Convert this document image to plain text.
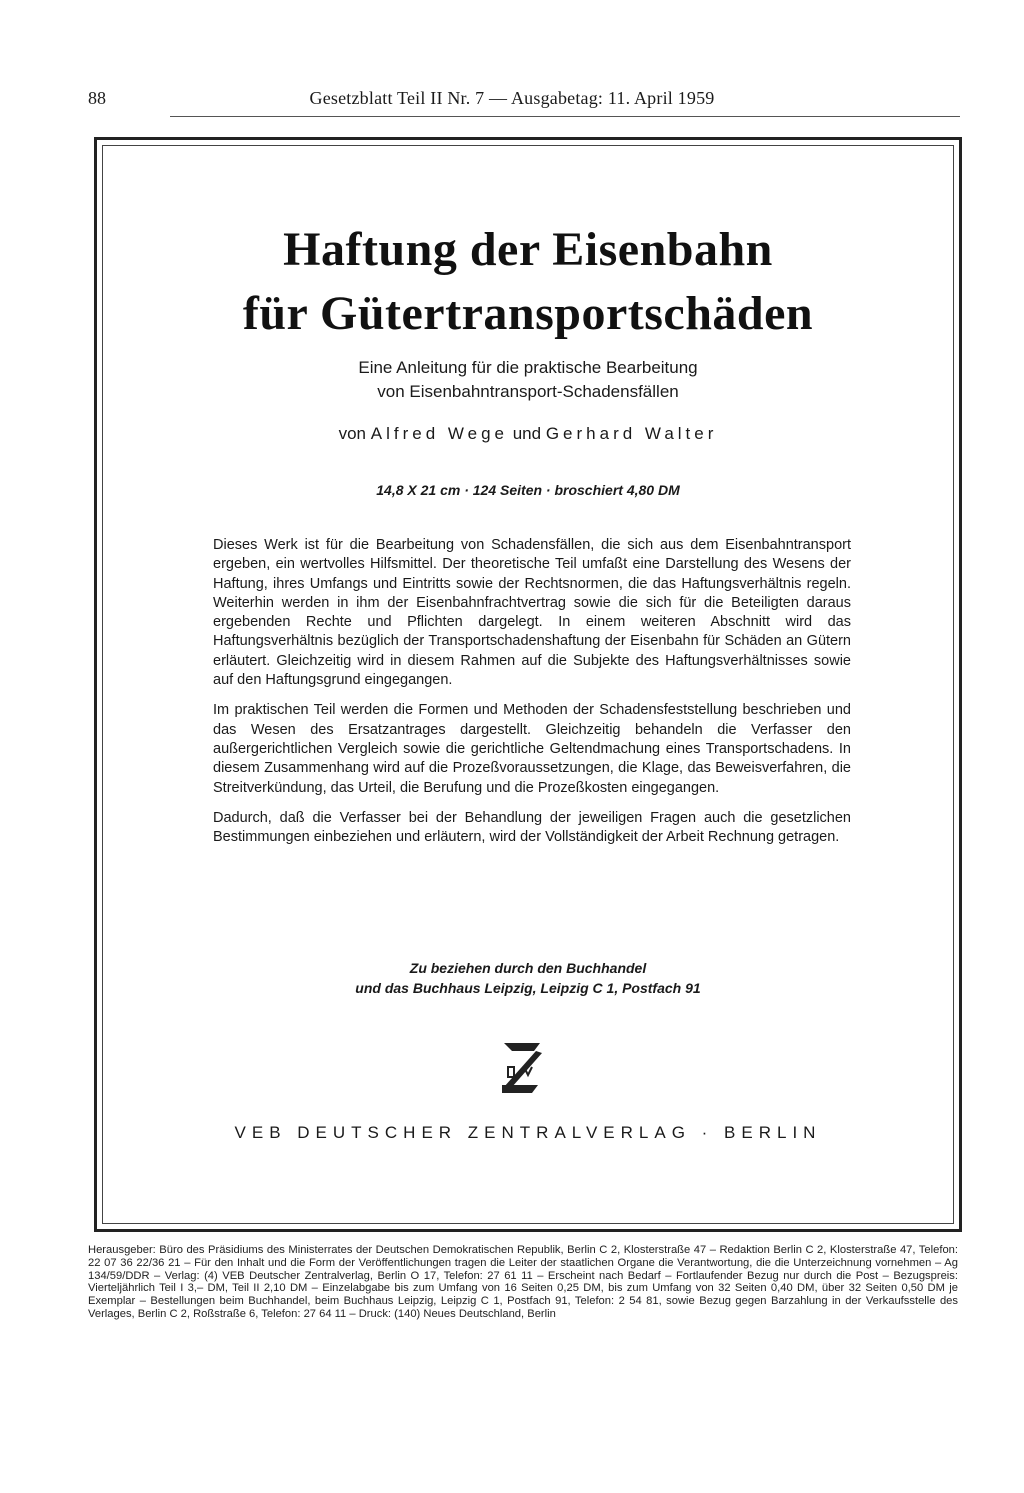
88	Gesetzblatt Teil II Nr. 7 — Ausgabetag: 11. April 1959
Haftung der Eisenbahn
für Gütertransportschäden
Eine Anleitung für die praktische Bearbeitung
von Eisenbahntransport-Schadensfällen
von Alfred Wege und Gerhard Walter
14,8 X 21 cm · 124 Seiten · broschiert 4,80 DM

Dieses Werk ist für die Bearbeitung von Schadensfällen, die sich aus dem Eisenbahntransport ergeben, ein wertvolles Hilfsmittel. Der theoretische Teil umfaßt eine Darstellung des Wesens der Haftung, ihres Umfangs und Eintritts sowie der Rechtsnormen, die das Haftungsverhältnis regeln. Weiterhin werden in ihm der Eisenbahnfrachtvertrag sowie die sich für die Beteiligten daraus ergebenden Rechte und Pflichten dargelegt. In einem weiteren Abschnitt wird das Haftungsverhältnis bezüglich der Transportschadenshaftung der Eisenbahn für Schäden an Gütern erläutert. Gleichzeitig wird in diesem Rahmen auf die Subjekte des Haftungsverhältnisses sowie auf den Haftungsgrund eingegangen.

Im praktischen Teil werden die Formen und Methoden der Schadensfeststellung beschrieben und das Wesen des Ersatzantrages dargestellt. Gleichzeitig behandeln die Verfasser den außergerichtlichen Vergleich sowie die gerichtliche Geltendmachung eines Transportschadens. In diesem Zusammenhang wird auf die Prozeßvoraussetzungen, die Klage, das Beweisverfahren, die Streitverkündung, das Urteil, die Berufung und die Prozeßkosten eingegangen.

Dadurch, daß die Verfasser bei der Behandlung der jeweiligen Fragen auch die gesetzlichen Bestimmungen einbeziehen und erläutern, wird der Vollständigkeit der Arbeit Rechnung getragen.

Zu beziehen durch den Buchhandel
und das Buchhaus Leipzig, Leipzig C 1, Postfach 91
VEB DEUTSCHER ZENTRALVERLAG · BERLIN
Herausgeber: Büro des Präsidiums des Ministerrates der Deutschen Demokratischen Republik, Berlin C 2, Klosterstraße 47 – Redaktion Berlin C 2, Klosterstraße 47, Telefon: 22 07 36 22/36 21 – Für den Inhalt und die Form der Veröffentlichungen tragen die Leiter der staatlichen Organe die Verantwortung, die die Unterzeichnung vornehmen – Ag 134/59/DDR – Verlag: (4) VEB Deutscher Zentralverlag, Berlin O 17, Telefon: 27 61 11 – Erscheint nach Bedarf – Fortlaufender Bezug nur durch die Post – Bezugspreis: Vierteljährlich Teil I 3,– DM, Teil II 2,10 DM – Einzelabgabe bis zum Umfang von 16 Seiten 0,25 DM, bis zum Umfang von 32 Seiten 0,40 DM, über 32 Seiten 0,50 DM je Exemplar – Bestellungen beim Buchhandel, beim Buchhaus Leipzig, Leipzig C 1, Postfach 91, Telefon: 2 54 81, sowie Bezug gegen Barzahlung in der Verkaufsstelle des Verlages, Berlin C 2, Roßstraße 6, Telefon: 27 64 11 – Druck: (140) Neues Deutschland, Berlin
